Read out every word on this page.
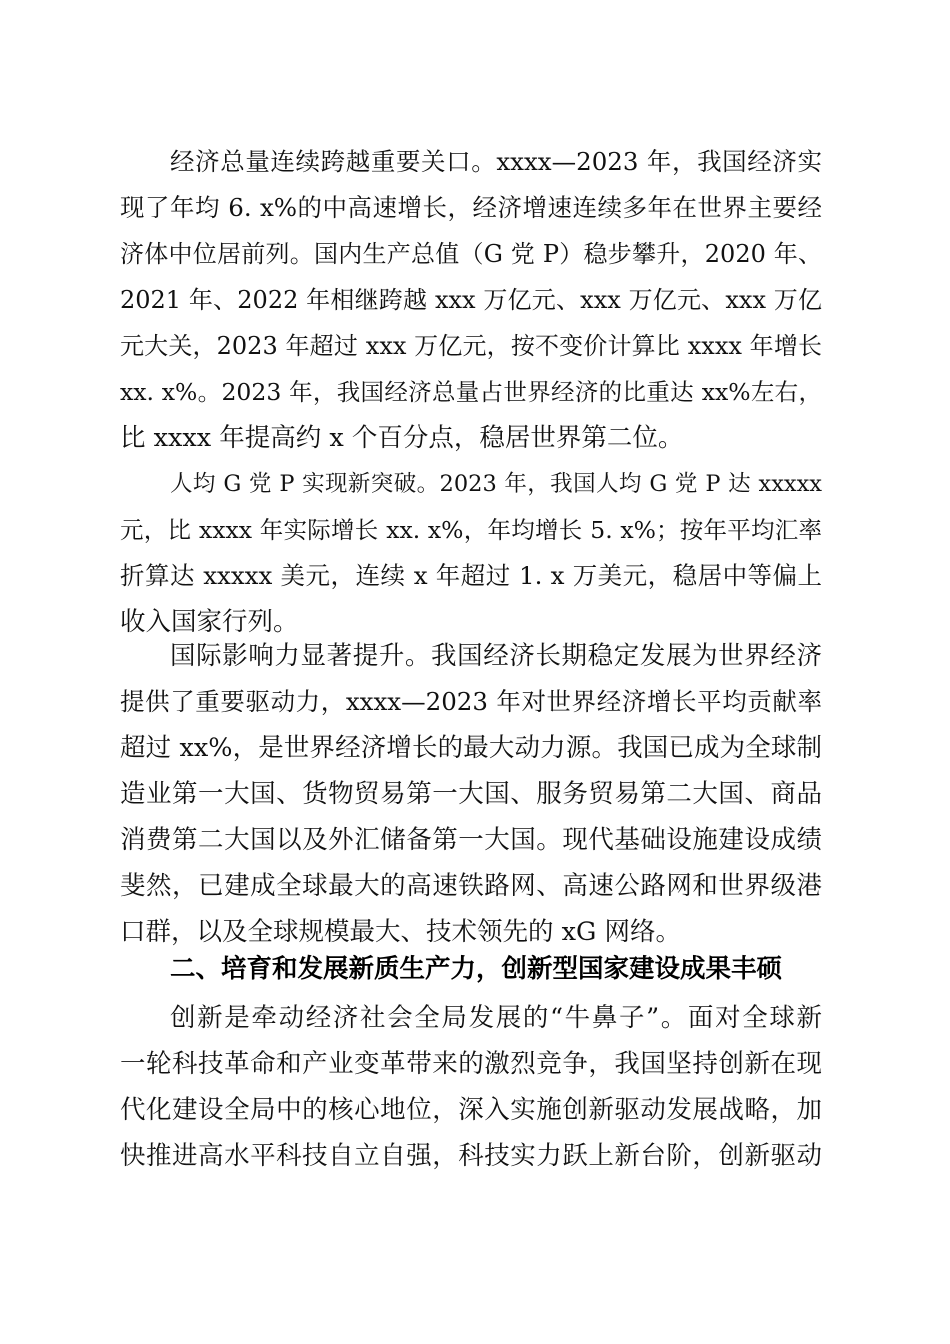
经济总量连续跨越重要关口。xxxx—2023 年，我国经济实

现了年均 6. x%的中高速增长，经济增速连续多年在世界主要经

济体中位居前列。国内生产总值（G 党 P）稳步攀升，2020 年、

2021 年、2022 年相继跨越 xxx 万亿元、xxx 万亿元、xxx 万亿

元大关，2023 年超过 xxx 万亿元，按不变价计算比 xxxx 年增长

xx. x%。2023 年，我国经济总量占世界经济的比重达 xx%左右，

比 xxxx 年提高约 x 个百分点，稳居世界第二位。

人均 G 党 P 实现新突破。2023 年，我国人均 G 党 P 达 xxxxx

元，比 xxxx 年实际增长 xx. x%，年均增长 5. x%；按年平均汇率

折算达 xxxxx 美元，连续 x 年超过 1. x 万美元，稳居中等偏上

收入国家行列。

国际影响力显著提升。我国经济长期稳定发展为世界经济

提供了重要驱动力，xxxx—2023 年对世界经济增长平均贡献率

超过 xx%，是世界经济增长的最大动力源。我国已成为全球制

造业第一大国、货物贸易第一大国、服务贸易第二大国、商品

消费第二大国以及外汇储备第一大国。现代基础设施建设成绩

斐然，已建成全球最大的高速铁路网、高速公路网和世界级港

口群，以及全球规模最大、技术领先的 xG 网络。

二、培育和发展新质生产力，创新型国家建设成果丰硕

创新是牵动经济社会全局发展的“牛鼻子”。面对全球新

一轮科技革命和产业变革带来的激烈竞争，我国坚持创新在现

代化建设全局中的核心地位，深入实施创新驱动发展战略，加

快推进高水平科技自立自强，科技实力跃上新台阶，创新驱动
